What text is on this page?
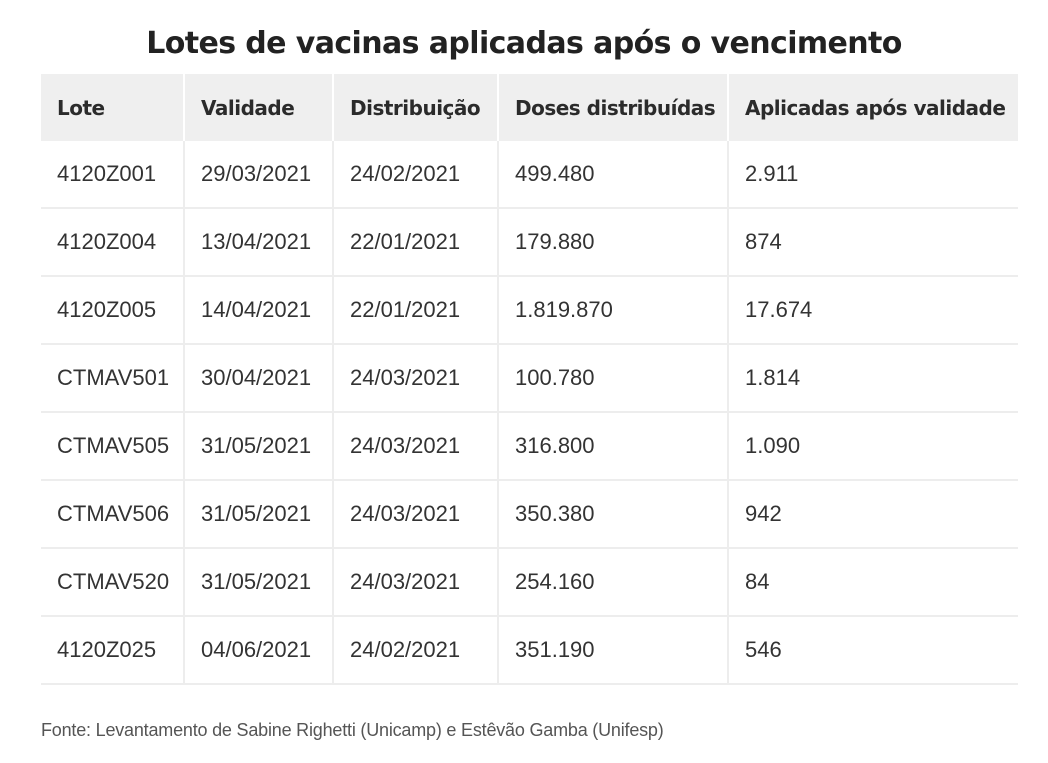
Lotes de vacinas aplicadas após o vencimento
Lote	Validade	Distribuição	Doses distribuídas	Aplicadas após validade
4120Z001	29/03/2021	24/02/2021	499.480	2.911
4120Z004	13/04/2021	22/01/2021	179.880	874
4120Z005	14/04/2021	22/01/2021	1.819.870	17.674
CTMAV501	30/04/2021	24/03/2021	100.780	1.814
CTMAV505	31/05/2021	24/03/2021	316.800	1.090
CTMAV506	31/05/2021	24/03/2021	350.380	942
CTMAV520	31/05/2021	24/03/2021	254.160	84
4120Z025	04/06/2021	24/02/2021	351.190	546
Fonte: Levantamento de Sabine Righetti (Unicamp) e Estêvão Gamba (Unifesp)
